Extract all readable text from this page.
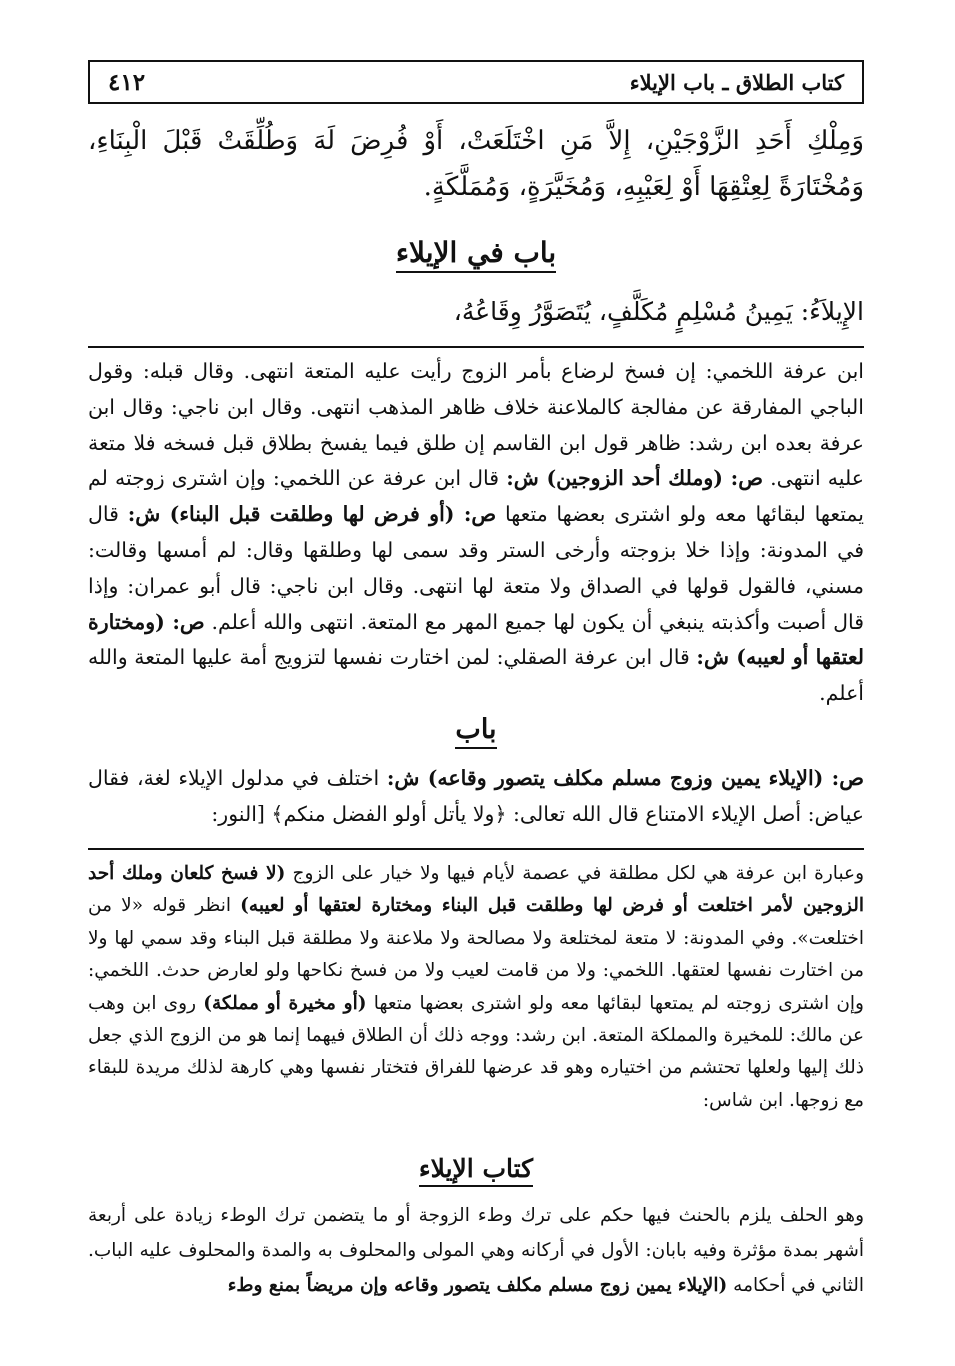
كتاب الطلاق ـ باب الإيلاء
٤١٢

وَمِلْكِ أَحَدِ الزَّوْجَيْنِ، إِلاَّ مَنِ اخْتَلَعَتْ، أَوْ فُرِضَ لَهَ وَطُلِّقَتْ قَبْلَ الْبِنَاءِ، وَمُخْتَارَةً لِعِتْقِهَا أَوْ لِعَيْبِهِ، وَمُخَيَّرَةٍ، وَمُمَلَّكَةٍ.

باب في الإيلاء

الإِيلاَءُ: يَمِينُ مُسْلِمٍ مُكَلَّفٍ، يُتَصَوَّرُ وِقَاعُهُ،

ابن عرفة اللخمي: إن فسخ لرضاع بأمر الزوج رأيت عليه المتعة انتهى. وقال قبله: وقول الباجي المفارقة عن مفالجة كالملاعنة خلاف ظاهر المذهب انتهى. وقال ابن ناجي: وقال ابن عرفة بعده ابن رشد: ظاهر قول ابن القاسم إن طلق فيما يفسخ بطلاق قبل فسخه فلا متعة عليه انتهى. ص: (وملك أحد الزوجين) ش: قال ابن عرفة عن اللخمي: وإن اشترى زوجته لم يمتعها لبقائها معه ولو اشترى بعضها متعها ص: (أو فرض لها وطلقت قبل البناء) ش: قال في المدونة: وإذا خلا بزوجته وأرخى الستر وقد سمى لها وطلقها وقال: لم أمسها وقالت: مسني، فالقول قولها في الصداق ولا متعة لها انتهى. وقال ابن ناجي: قال أبو عمران: وإذا قال أصبت وأكذبته ينبغي أن يكون لها جميع المهر مع المتعة. انتهى والله أعلم. ص: (ومختارة لعتقها أو لعيبه) ش: قال ابن عرفة الصقلي: لمن اختارت نفسها لتزويج أمة عليها المتعة والله أعلم.

باب

ص: (الإيلاء يمين وزوج مسلم مكلف يتصور وقاعه) ش: اختلف في مدلول الإيلاء لغة، فقال عياض: أصل الإيلاء الامتناع قال الله تعالى: ﴿ولا يأتل أولو الفضل منكم﴾ [النور:

وعبارة ابن عرفة هي لكل مطلقة في عصمة لأيام فيها ولا خيار على الزوج (لا فسخ كلعان وملك أحد الزوجين لأمر اختلعت أو فرض لها وطلقت قبل البناء ومختارة لعتقها أو لعيبه) انظر قوله «لا من اختلعت». وفي المدونة: لا متعة لمختلعة ولا مصالحة ولا ملاعنة ولا مطلقة قبل البناء وقد سمي لها ولا من اختارت نفسها لعتقها. اللخمي: ولا من قامت لعيب ولا من فسخ نكاحها ولو لعارض حدث. اللخمي: وإن اشترى زوجته لم يمتعها لبقائها معه ولو اشترى بعضها متعها (أو مخيرة أو مملكة) روى ابن وهب عن مالك: للمخيرة والمملكة المتعة. ابن رشد: ووجه ذلك أن الطلاق فيهما إنما هو من الزوج الذي جعل ذلك إليها ولعلها تحتشم من اختياره وهو قد عرضها للفراق فتختار نفسها وهي كارهة لذلك مريدة للبقاء مع زوجها. ابن شاس:

كتاب الإيلاء

وهو الحلف يلزم بالحنث فيها حكم على ترك وطء الزوجة أو ما يتضمن ترك الوطء زيادة على أربعة أشهر بمدة مؤثرة وفيه بابان: الأول في أركانه وهي المولى والمحلوف به والمدة والمحلوف عليه الباب. الثاني في أحكامه (الإيلاء يمين زوج مسلم مكلف يتصور وقاعه وإن مريضاً بمنع وطء
